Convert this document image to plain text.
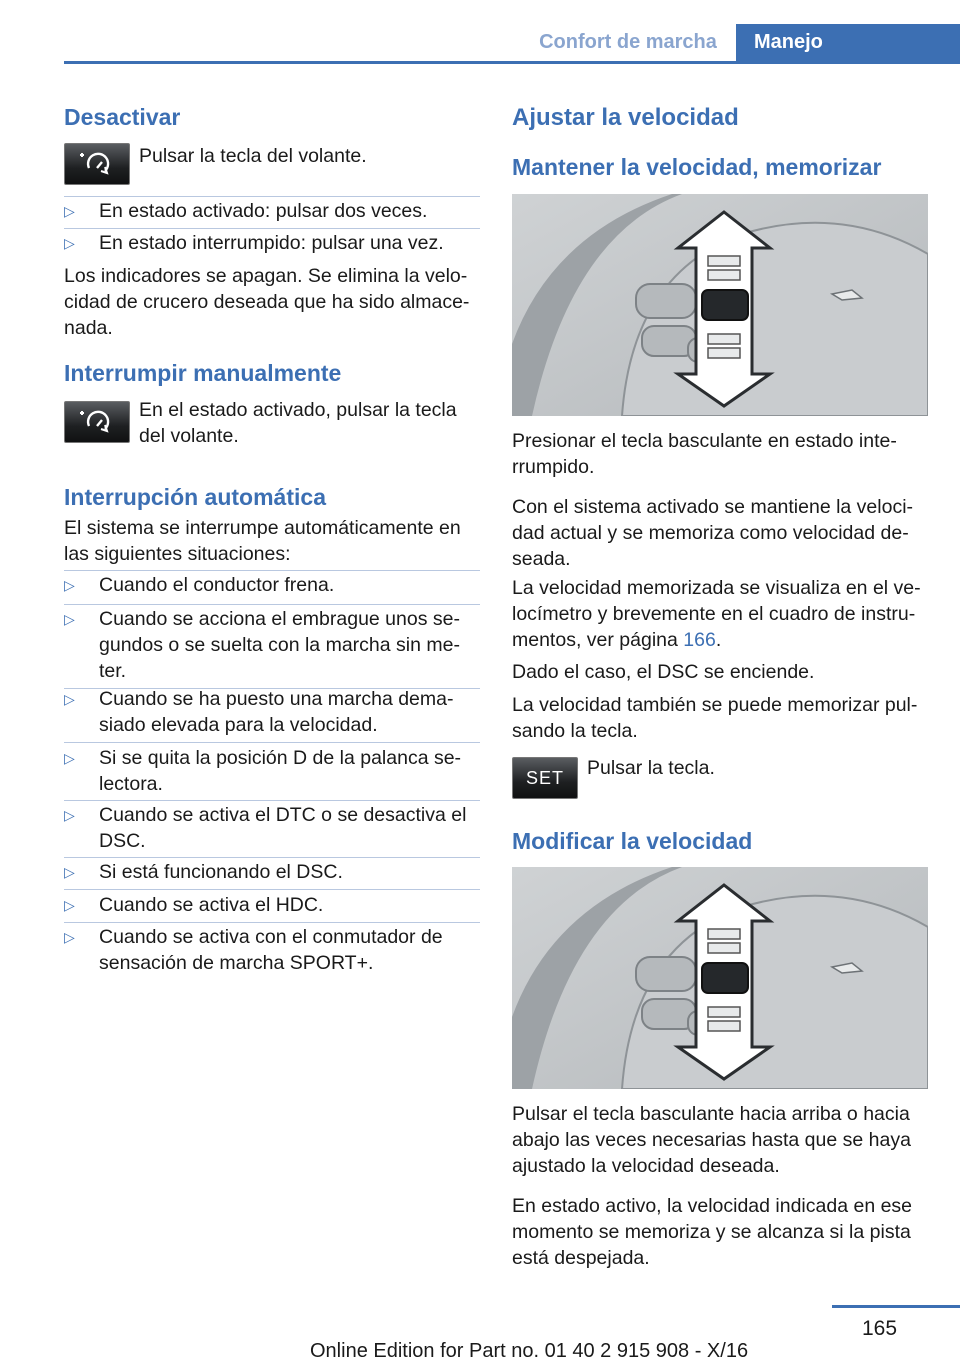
Confort de marcha	Manejo
Desactivar
Pulsar la tecla del volante.
▷ En estado activado: pulsar dos veces.
▷ En estado interrumpido: pulsar una vez.

Los indicadores se apagan. Se elimina la velo‐cidad de crucero deseada que ha sido almace‐nada.

Interrumpir manualmente
En el estado activado, pulsar la tecla del volante.
Interrupción automática

El sistema se interrumpe automáticamente en las siguientes situaciones:

▷ Cuando el conductor frena.
▷ Cuando se acciona el embrague unos se‐gundos o se suelta con la marcha sin me‐ter.
▷ Cuando se ha puesto una marcha dema‐siado elevada para la velocidad.
▷ Si se quita la posición D de la palanca se‐lectora.
▷ Cuando se activa el DTC o se desactiva el DSC.
▷ Si está funcionando el DSC.
▷ Cuando se activa el HDC.
▷ Cuando se activa con el conmutador de sensación de marcha SPORT+.
Ajustar la velocidad
Mantener la velocidad, memorizar

Presionar el tecla basculante en estado inte‐rrumpido.

Con el sistema activado se mantiene la veloci‐dad actual y se memoriza como velocidad de‐seada.

La velocidad memorizada se visualiza en el ve‐locímetro y brevemente en el cuadro de instru‐mentos, ver página 166.

Dado el caso, el DSC se enciende.

La velocidad también se puede memorizar pul‐sando la tecla.

SET Pulsar la tecla.
Modificar la velocidad

Pulsar el tecla basculante hacia arriba o hacia abajo las veces necesarias hasta que se haya ajustado la velocidad deseada.

En estado activo, la velocidad indicada en ese momento se memoriza y se alcanza si la pista está despejada.

165
Online Edition for Part no. 01 40 2 915 908 - X/16
